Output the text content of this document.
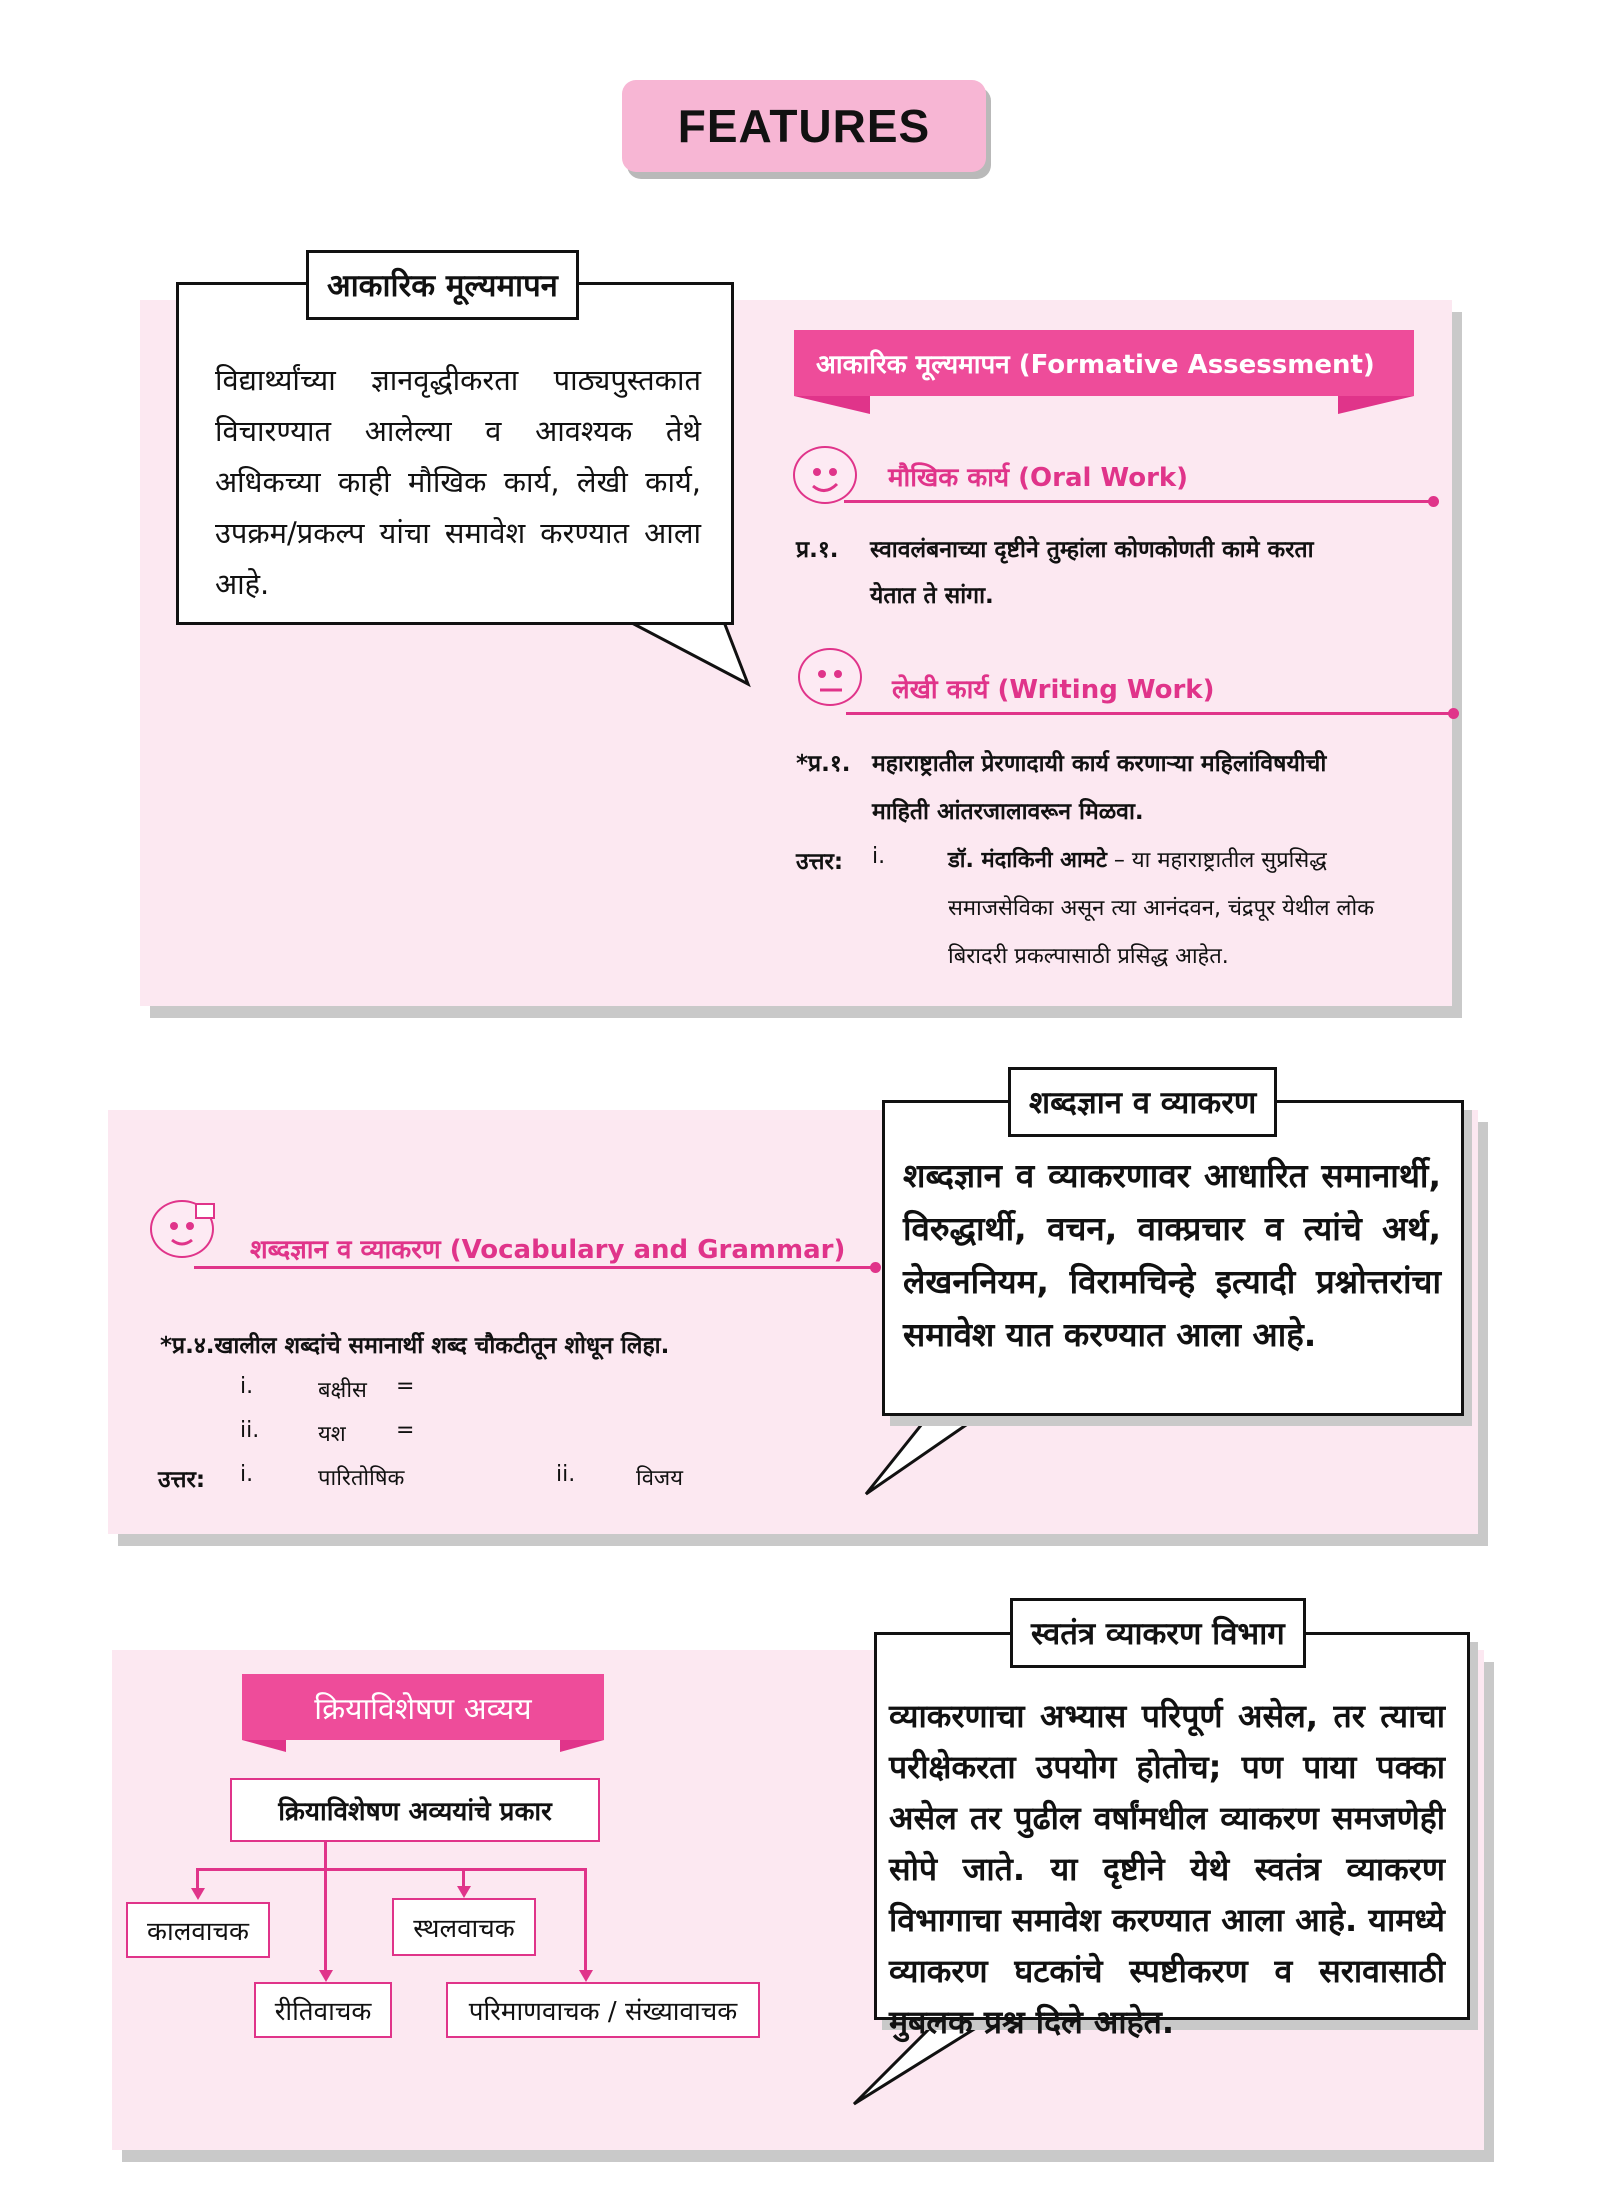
FEATURES
विद्यार्थ्यांच्या ज्ञानवृद्धीकरता पाठ्यपुस्तकात विचारण्यात आलेल्या व आवश्यक तेथे अधिकच्या काही मौखिक कार्य, लेखी कार्य, उपक्रम/प्रकल्प यांचा समावेश करण्यात आला आहे.
आकारिक मूल्यमापन
आकारिक मूल्यमापन (Formative Assessment)
मौखिक कार्य (Oral Work)
प्र.१. स्वावलंबनाच्या दृष्टीने तुम्हांला कोणकोणती कामे करता
येतात ते सांगा.
लेखी कार्य (Writing Work)
*प्र.१. महाराष्ट्रातील प्रेरणादायी कार्य करणाऱ्या महिलांविषयीची
माहिती आंतरजालावरून मिळवा.
उत्तर: i.	डॉ. मंदाकिनी आमटे – या महाराष्ट्रातील सुप्रसिद्ध
समाजसेविका असून त्या आनंदवन, चंद्रपूर येथील लोक
बिरादरी प्रकल्पासाठी प्रसिद्ध आहेत.
शब्दज्ञान व व्याकरणावर आधारित समानार्थी, विरुद्धार्थी, वचन, वाक्प्रचार व त्यांचे अर्थ, लेखननियम, विरामचिन्हे इत्यादी प्रश्नोत्तरांचा समावेश यात करण्यात आला आहे.
शब्दज्ञान व व्याकरण
शब्दज्ञान व व्याकरण (Vocabulary and Grammar)
*प्र.४.खालील शब्दांचे समानार्थी शब्द चौकटीतून शोधून लिहा.
i.	बक्षीस =
ii.	यश =
उत्तर: i.	पारितोषिक	ii.	विजय
व्याकरणाचा अभ्यास परिपूर्ण असेल, तर त्याचा परीक्षेकरता उपयोग होतोच; पण पाया पक्का असेल तर पुढील वर्षांमधील व्याकरण समजणेही सोपे जाते. या दृष्टीने येथे स्वतंत्र व्याकरण विभागाचा समावेश करण्यात आला आहे. यामध्ये व्याकरण घटकांचे स्पष्टीकरण व सरावासाठी मुबलक प्रश्न दिले आहेत.
स्वतंत्र व्याकरण विभाग
क्रियाविशेषण अव्यय
क्रियाविशेषण अव्ययांचे प्रकार
कालवाचक
रीतिवाचक
स्थलवाचक
परिमाणवाचक / संख्यावाचक
